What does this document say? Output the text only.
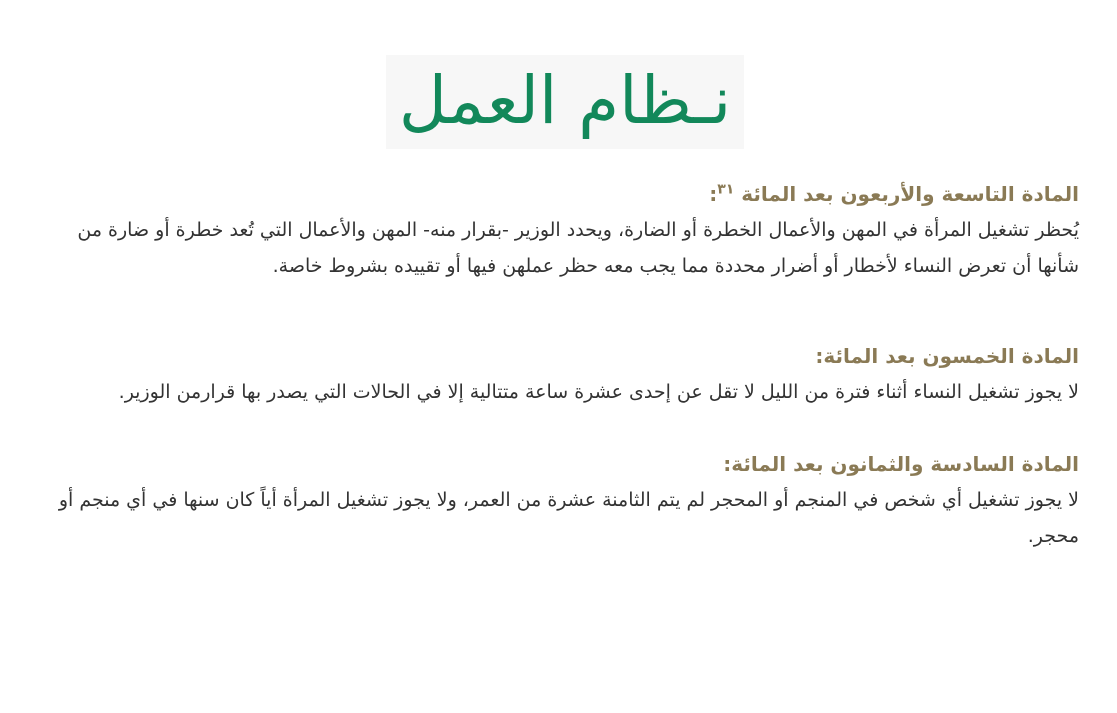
نـظام العمل
المادة التاسعة والأربعون بعد المائة $^{٣١}$:

يُحظر تشغيل المرأة في المهن والأعمال الخطرة أو الضارة، ويحدد الوزير -بقرار منه- المهن والأعمال التي تُعد خطرة أو ضارة من شأنها أن تعرض النساء لأخطار أو أضرار محددة مما يجب معه حظر عملهن فيها أو تقييده بشروط خاصة.

المادة الخمسون بعد المائة:

لا يجوز تشغيل النساء أثناء فترة من الليل لا تقل عن إحدى عشرة ساعة متتالية إلا في الحالات التي يصدر بها قرارمن الوزير.

المادة السادسة والثمانون بعد المائة:

لا يجوز تشغيل أي شخص في المنجم أو المحجر لم يتم الثامنة عشرة من العمر، ولا يجوز تشغيل المرأة أياً كان سنها في أي منجم أو محجر.
